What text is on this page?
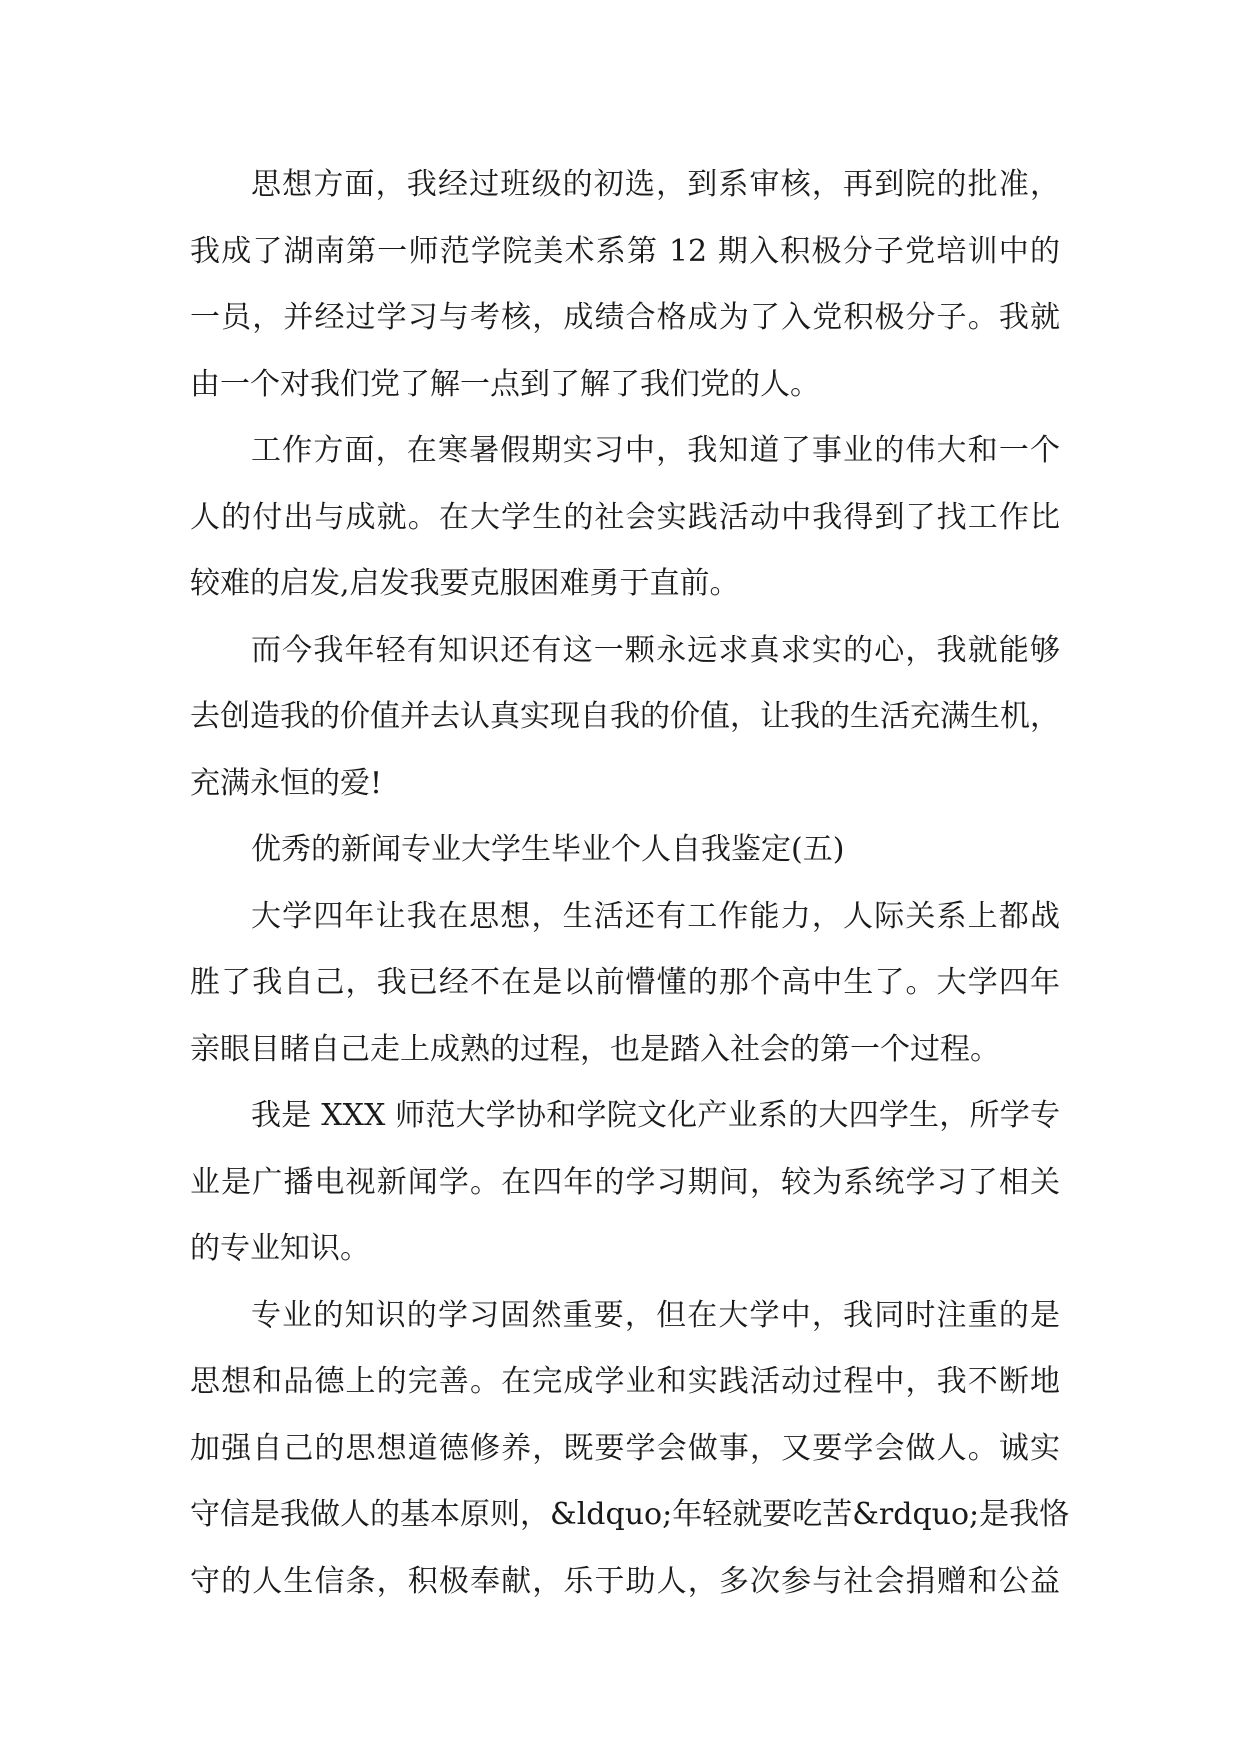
思想方面，我经过班级的初选，到系审核，再到院的批准，
我成了湖南第一师范学院美术系第 12 期入积极分子党培训中的
一员，并经过学习与考核，成绩合格成为了入党积极分子。我就
由一个对我们党了解一点到了解了我们党的人。
工作方面，在寒暑假期实习中，我知道了事业的伟大和一个
人的付出与成就。在大学生的社会实践活动中我得到了找工作比
较难的启发,启发我要克服困难勇于直前。
而今我年轻有知识还有这一颗永远求真求实的心，我就能够
去创造我的价值并去认真实现自我的价值，让我的生活充满生机，
充满永恒的爱!
优秀的新闻专业大学生毕业个人自我鉴定(五)
大学四年让我在思想，生活还有工作能力，人际关系上都战
胜了我自己，我已经不在是以前懵懂的那个高中生了。大学四年
亲眼目睹自己走上成熟的过程，也是踏入社会的第一个过程。
我是 XXX 师范大学协和学院文化产业系的大四学生，所学专
业是广播电视新闻学。在四年的学习期间，较为系统学习了相关
的专业知识。
专业的知识的学习固然重要，但在大学中，我同时注重的是
思想和品德上的完善。在完成学业和实践活动过程中，我不断地
加强自己的思想道德修养，既要学会做事，又要学会做人。诚实
守信是我做人的基本原则，&ldquo;年轻就要吃苦&rdquo;是我恪
守的人生信条，积极奉献，乐于助人，多次参与社会捐赠和公益
